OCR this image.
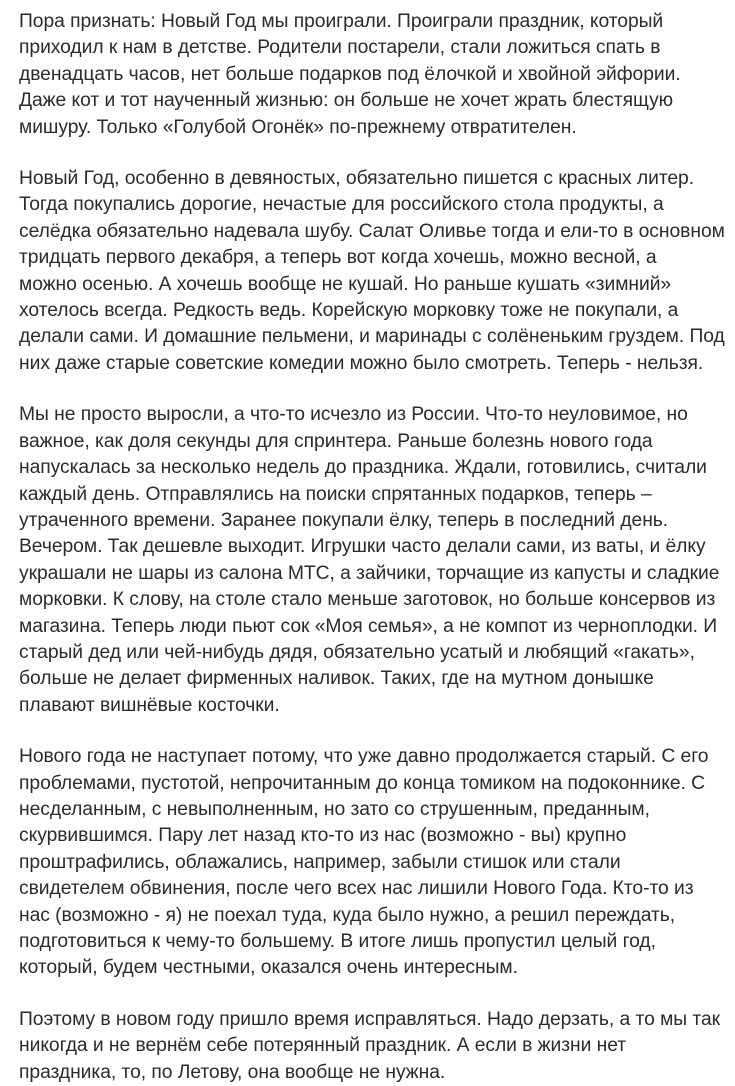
Пора признать: Новый Год мы проиграли. Проиграли праздник, который
приходил к нам в детстве. Родители постарели, стали ложиться спать в
двенадцать часов, нет больше подарков под ёлочкой и хвойной эйфории.
Даже кот и тот наученный жизнью: он больше не хочет жрать блестящую
мишуру. Только «Голубой Огонёк» по-прежнему отвратителен.
Новый Год, особенно в девяностых, обязательно пишется с красных литер.
Тогда покупались дорогие, нечастые для российского стола продукты, а
селёдка обязательно надевала шубу. Салат Оливье тогда и ели-то в основном
тридцать первого декабря, а теперь вот когда хочешь, можно весной, а
можно осенью. А хочешь вообще не кушай. Но раньше кушать «зимний»
хотелось всегда. Редкость ведь. Корейскую морковку тоже не покупали, а
делали сами. И домашние пельмени, и маринады с солёненьким груздем. Под
них даже старые советские комедии можно было смотреть. Теперь - нельзя.
Мы не просто выросли, а что-то исчезло из России. Что-то неуловимое, но
важное, как доля секунды для спринтера. Раньше болезнь нового года
напускалась за несколько недель до праздника. Ждали, готовились, считали
каждый день. Отправлялись на поиски спрятанных подарков, теперь –
утраченного времени. Заранее покупали ёлку, теперь в последний день.
Вечером. Так дешевле выходит. Игрушки часто делали сами, из ваты, и ёлку
украшали не шары из салона МТС, а зайчики, торчащие из капусты и сладкие
морковки. К слову, на столе стало меньше заготовок, но больше консервов из
магазина. Теперь люди пьют сок «Моя семья», а не компот из черноплодки. И
старый дед или чей-нибудь дядя, обязательно усатый и любящий «гакать»,
больше не делает фирменных наливок. Таких, где на мутном донышке
плавают вишнёвые косточки.
Нового года не наступает потому, что уже давно продолжается старый. С его
проблемами, пустотой, непрочитанным до конца томиком на подоконнике. С
несделанным, с невыполненным, но зато со струшенным, преданным,
скурвившимся. Пару лет назад кто-то из нас (возможно - вы) крупно
проштрафились, облажались, например, забыли стишок или стали
свидетелем обвинения, после чего всех нас лишили Нового Года. Кто-то из
нас (возможно - я) не поехал туда, куда было нужно, а решил переждать,
подготовиться к чему-то большему. В итоге лишь пропустил целый год,
который, будем честными, оказался очень интересным.
Поэтому в новом году пришло время исправляться. Надо дерзать, а то мы так
никогда и не вернём себе потерянный праздник. А если в жизни нет
праздника, то, по Летову, она вообще не нужна.
